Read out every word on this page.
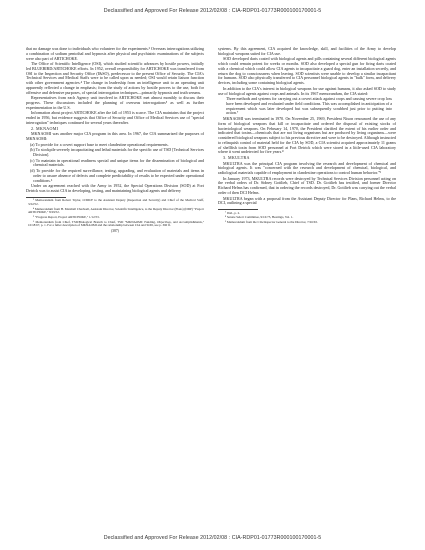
Declassified and Approved For Release 2012/02/08 : CIA-RDP01-01773R000100170001-5

that no damage was done to individuals who volunteer for the experiments.³ Overseas interrogations utilizing a combination of sodium pentothal and hypnosis after physical and psychiatric examinations of the subjects were also part of ARTICHOKE.

The Office of Scientific Intelligence (OSI), which studied scientific advances by hostile powers, initially led BLUEBIRD/ARTICHOKE efforts. In 1952, overall responsibility for ARTICHOKE was transferred from OSI to the Inspection and Security Office (I&SO), predecessor to the present Office of Security. The CIA's Technical Services and Medical Staffs were to be called upon as needed; OSI would retain liaison function with other government agencies.⁴ The change in leadership from an intelligence unit to an operating unit apparently reflected a change in emphasis; from the study of actions by hostile powers to the use, both for offensive and defensive purposes, of special interrogation techniques—primarily hypnosis and truth serums.

Representatives from each Agency unit involved in ARTICHOKE met almost monthly to discuss their progress. These discussions included the planning of overseas interrogations⁵ as well as further experimentation in the U.S.

Information about project ARTICHOKE after the fall of 1953 is scarce. The CIA maintains that the project ended in 1956, but evidence suggests that Office of Security and Office of Medical Services use of "special interrogation" techniques continued for several years thereafter.

2. MKNAOMI

MKNAOMI was another major CIA program in this area. In 1967, the CIA summarized the purposes of MKNAOMI:

(a) To provide for a covert support base to meet clandestine operational requirements.

(b) To stockpile severely incapacitating and lethal materials for the specific use of TSD [Technical Services Division].

(c) To maintain in operational readiness special and unique items for the dissemination of biological and chemical materials.

(d) To provide for the required surveillance, testing, upgrading, and evaluation of materials and items in order to assure absence of defects and complete predictability of results to be expected under operational conditions.⁶

Under an agreement reached with the Army in 1952, the Special Operations Division (SOD) at Fort Detrick was to assist CIA in developing, testing, and maintaining biological agents and delivery

³ Memorandum from Robert Taylor, O/DD/P to the Assistant Deputy (Inspection and Security) and Chief of the Medical Staff, 3/22/52.

⁴ Memorandum from H. Marshall Chadwell, Assistant Director, Scientific Intelligence, to the Deputy Director (Plans) (DDP) "Project ARTICHOKE," 8/29/52.

⁵ "Progress Report, Project ARTICHOKE," 1/12/53.

⁶ Memorandum from Chief, TSD/Biological Branch to Chief, TSD "MKNAOMI: Funding, Objectives, and Accomplishments," 10/18/67, p. 1. For a fuller description of MKNAOMI and the relationship between CIA and SOD, see p. 360 ff.

(387)

systems. By this agreement, CIA acquired the knowledge, skill, and facilities of the Army to develop biological weapons suited for CIA use.

SOD developed darts coated with biological agents and pills containing several different biological agents which could remain potent for weeks or months. SOD also developed a special gun for firing darts coated with a chemical which could allow CIA agents to incapacitate a guard dog, enter an installation secretly, and return the dog to consciousness when leaving. SOD scientists were unable to develop a similar incapacitant for humans. SOD also physically transferred to CIA personnel biological agents in "bulk" form, and delivery devices, including some containing biological agents.

In addition to the CIA's interest in biological weapons for use against humans, it also asked SOD to study use of biological agents against crops and animals. In its 1967 memorandum, the CIA stated:

Three methods and systems for carrying out a covert attack against crops and causing severe crop loss have been developed and evaluated under field conditions. This was accomplished in anticipation of a requirement which was later developed but was subsequently scrubbed just prior to putting into action.⁷

MKNAOMI was terminated in 1970. On November 25, 1969, President Nixon renounced the use of any form of biological weapons that kill or incapacitate and ordered the disposal of existing stocks of bacteriological weapons. On February 14, 1970, the President clarified the extent of his earlier order and indicated that toxins—chemicals that are not living organisms but are produced by living organisms—were considered biological weapons subject to his previous directive and were to be destroyed. Although instructed to relinquish control of material held for the CIA by SOD, a CIA scientist acquired approximately 11 grams of shellfish toxin from SOD personnel at Fort Detrick which were stored in a little-used CIA laboratory where it went undetected for five years.⁸

3. MKULTRA

MKULTRA was the principal CIA program involving the research and development of chemical and biological agents. It was "concerned with the research and development of chemical, biological, and radiological materials capable of employment in clandestine operations to control human behavior."⁹

In January 1973, MKULTRA records were destroyed by Technical Services Division personnel acting on the verbal orders of Dr. Sidney Gottlieb, Chief of TSD. Dr. Gottlieb has testified, and former Director Richard Helms has confirmed, that in ordering the records destroyed, Dr. Gottlieb was carrying out the verbal order of then DCI Helms.

MKULTRA began with a proposal from the Assistant Deputy Director for Plans, Richard Helms, to the DCI, outlining a special

⁷ Ibid., p. 2.

⁸ Senate Select Committee, 9/16/75, Hearings, Vol. 1.

⁹ Memorandum from the CIA Inspector General to the Director, 7/26/63.

Declassified and Approved For Release 2012/02/08 : CIA-RDP01-01773R000100170001-5
